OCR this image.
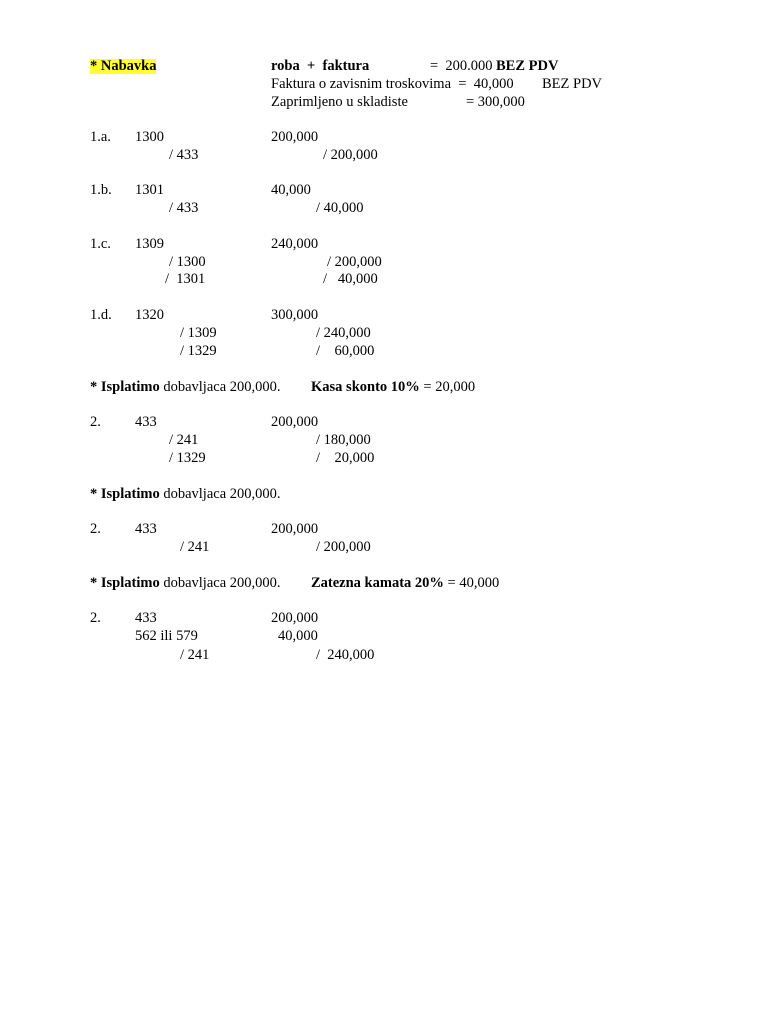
* Nabavka	roba  +  faktura	=  200.000 BEZ PDV
Faktura o zavisnim troskovima  =  40,000 BEZ PDV
Zaprimljeno u skladiste	= 300,000
1.a. 1300	200,000
/ 433	/ 200,000
1.b. 1301	40,000
/ 433	/ 40,000
1.c. 1309	240,000
/ 1300	/ 200,000
/  1301	/   40,000
1.d. 1320	300,000
/ 1309	/ 240,000
/ 1329	/    60,000
* Isplatimo dobavljaca 200,000. Kasa skonto 10% = 20,000
2. 433	200,000
/ 241	/ 180,000
/ 1329	/    20,000
* Isplatimo dobavljaca 200,000.
2. 433	200,000
/ 241	/ 200,000
* Isplatimo dobavljaca 200,000. Zatezna kamata 20% = 40,000
2. 433	200,000
562 ili 579	40,000
/ 241	/  240,000
